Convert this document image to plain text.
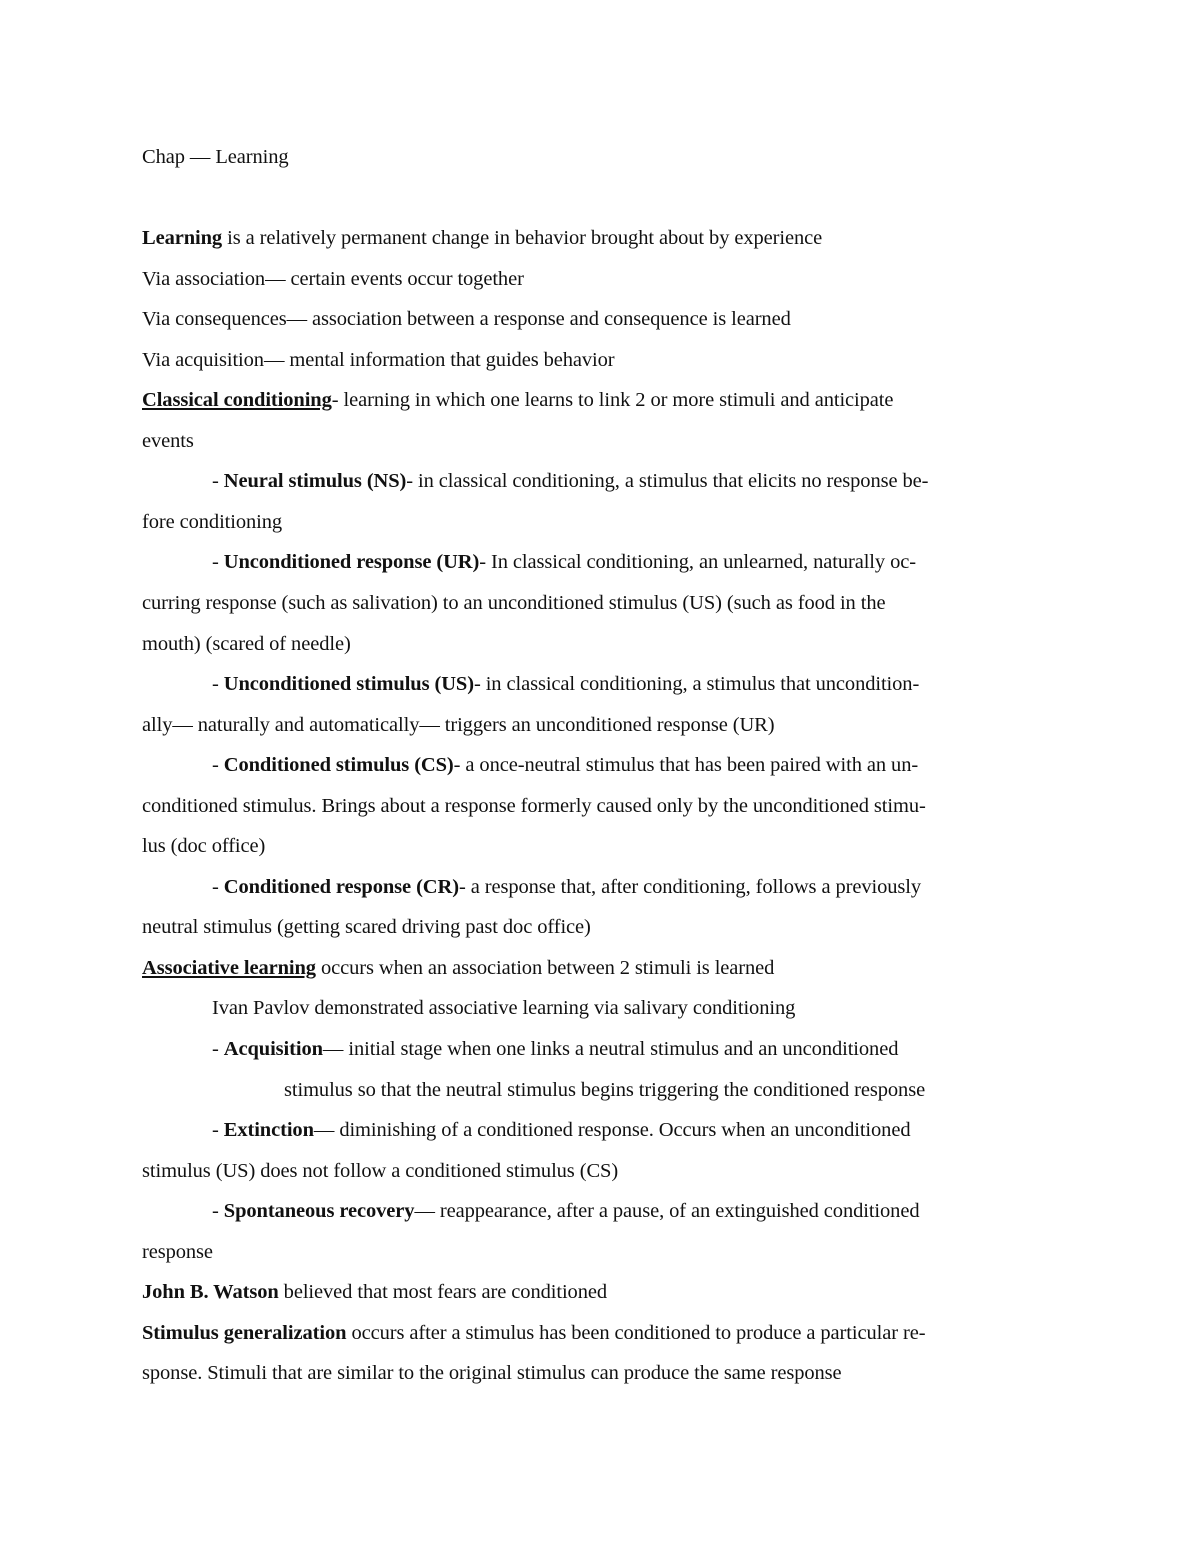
Chap — Learning
Learning is a relatively permanent change in behavior brought about by experience
Via association— certain events occur together
Via consequences— association between a response and consequence is learned
Via acquisition— mental information that guides behavior
Classical conditioning- learning in which one learns to link 2 or more stimuli and anticipate
events
- Neural stimulus (NS)- in classical conditioning, a stimulus that elicits no response be-
fore conditioning
- Unconditioned response (UR)- In classical conditioning, an unlearned, naturally oc-
curring response (such as salivation) to an unconditioned stimulus (US) (such as food in the
mouth) (scared of needle)
- Unconditioned stimulus (US)- in classical conditioning, a stimulus that uncondition-
ally— naturally and automatically— triggers an unconditioned response (UR)
- Conditioned stimulus (CS)- a once-neutral stimulus that has been paired with an un-
conditioned stimulus. Brings about a response formerly caused only by the unconditioned stimu-
lus (doc office)
- Conditioned response (CR)- a response that, after conditioning, follows a previously
neutral stimulus (getting scared driving past doc office)
Associative learning occurs when an association between 2 stimuli is learned
Ivan Pavlov demonstrated associative learning via salivary conditioning
- Acquisition— initial stage when one links a neutral stimulus and an unconditioned
stimulus so that the neutral stimulus begins triggering the conditioned response
- Extinction— diminishing of a conditioned response. Occurs when an unconditioned
stimulus (US) does not follow a conditioned stimulus (CS)
- Spontaneous recovery— reappearance, after a pause, of an extinguished conditioned
response
John B. Watson believed that most fears are conditioned
Stimulus generalization occurs after a stimulus has been conditioned to produce a particular re-
sponse. Stimuli that are similar to the original stimulus can produce the same response
